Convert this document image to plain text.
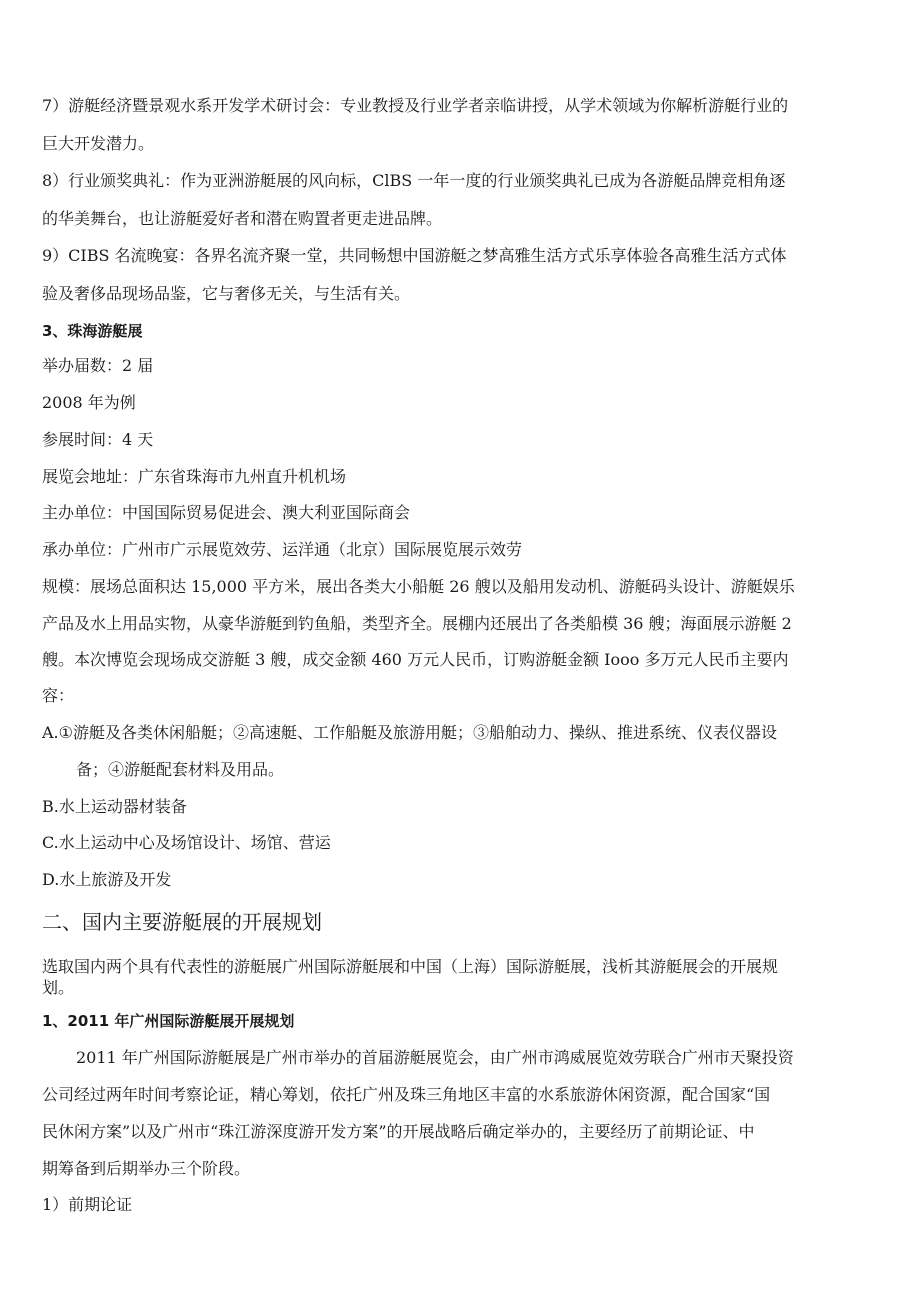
7）游艇经济暨景观水系开发学术研讨会：专业教授及行业学者亲临讲授，从学术领域为你解析游艇行业的
巨大开发潜力。
8）行业颁奖典礼：作为亚洲游艇展的风向标，ClBS 一年一度的行业颁奖典礼已成为各游艇品牌竞相角逐
的华美舞台，也让游艇爱好者和潜在购置者更走进品牌。
9）CIBS 名流晚宴：各界名流齐聚一堂，共同畅想中国游艇之梦高雅生活方式乐享体验各高雅生活方式体
验及奢侈品现场品鉴，它与奢侈无关，与生活有关。
3、珠海游艇展
举办届数：2 届
2008 年为例
参展时间：4 天
展览会地址：广东省珠海市九州直升机机场
主办单位：中国国际贸易促进会、澳大利亚国际商会
承办单位：广州市广示展览效劳、运洋通（北京）国际展览展示效劳
规模：展场总面积达 15,000 平方米，展出各类大小船艇 26 艘以及船用发动机、游艇码头设计、游艇娱乐
产品及水上用品实物，从豪华游艇到钓鱼船，类型齐全。展棚内还展出了各类船模 36 艘；海面展示游艇 2
艘。本次博览会现场成交游艇 3 艘，成交金额 460 万元人民币，订购游艇金额 Iooo 多万元人民币主要内
容：
A.①游艇及各类休闲船艇；②高速艇、工作船艇及旅游用艇；③船舶动力、操纵、推进系统、仪表仪器设
备；④游艇配套材料及用品。
B.水上运动器材装备
C.水上运动中心及场馆设计、场馆、营运
D.水上旅游及开发
二、国内主要游艇展的开展规划
选取国内两个具有代表性的游艇展广州国际游艇展和中国（上海）国际游艇展，浅析其游艇展会的开展规
划。
1、2011 年广州国际游艇展开展规划
2011 年广州国际游艇展是广州市举办的首届游艇展览会，由广州市鸿威展览效劳联合广州市天聚投资
公司经过两年时间考察论证，精心筹划，依托广州及珠三角地区丰富的水系旅游休闲资源，配合国家“国
民休闲方案”以及广州市“珠江游深度游开发方案”的开展战略后确定举办的，主要经历了前期论证、中
期筹备到后期举办三个阶段。
1）前期论证
